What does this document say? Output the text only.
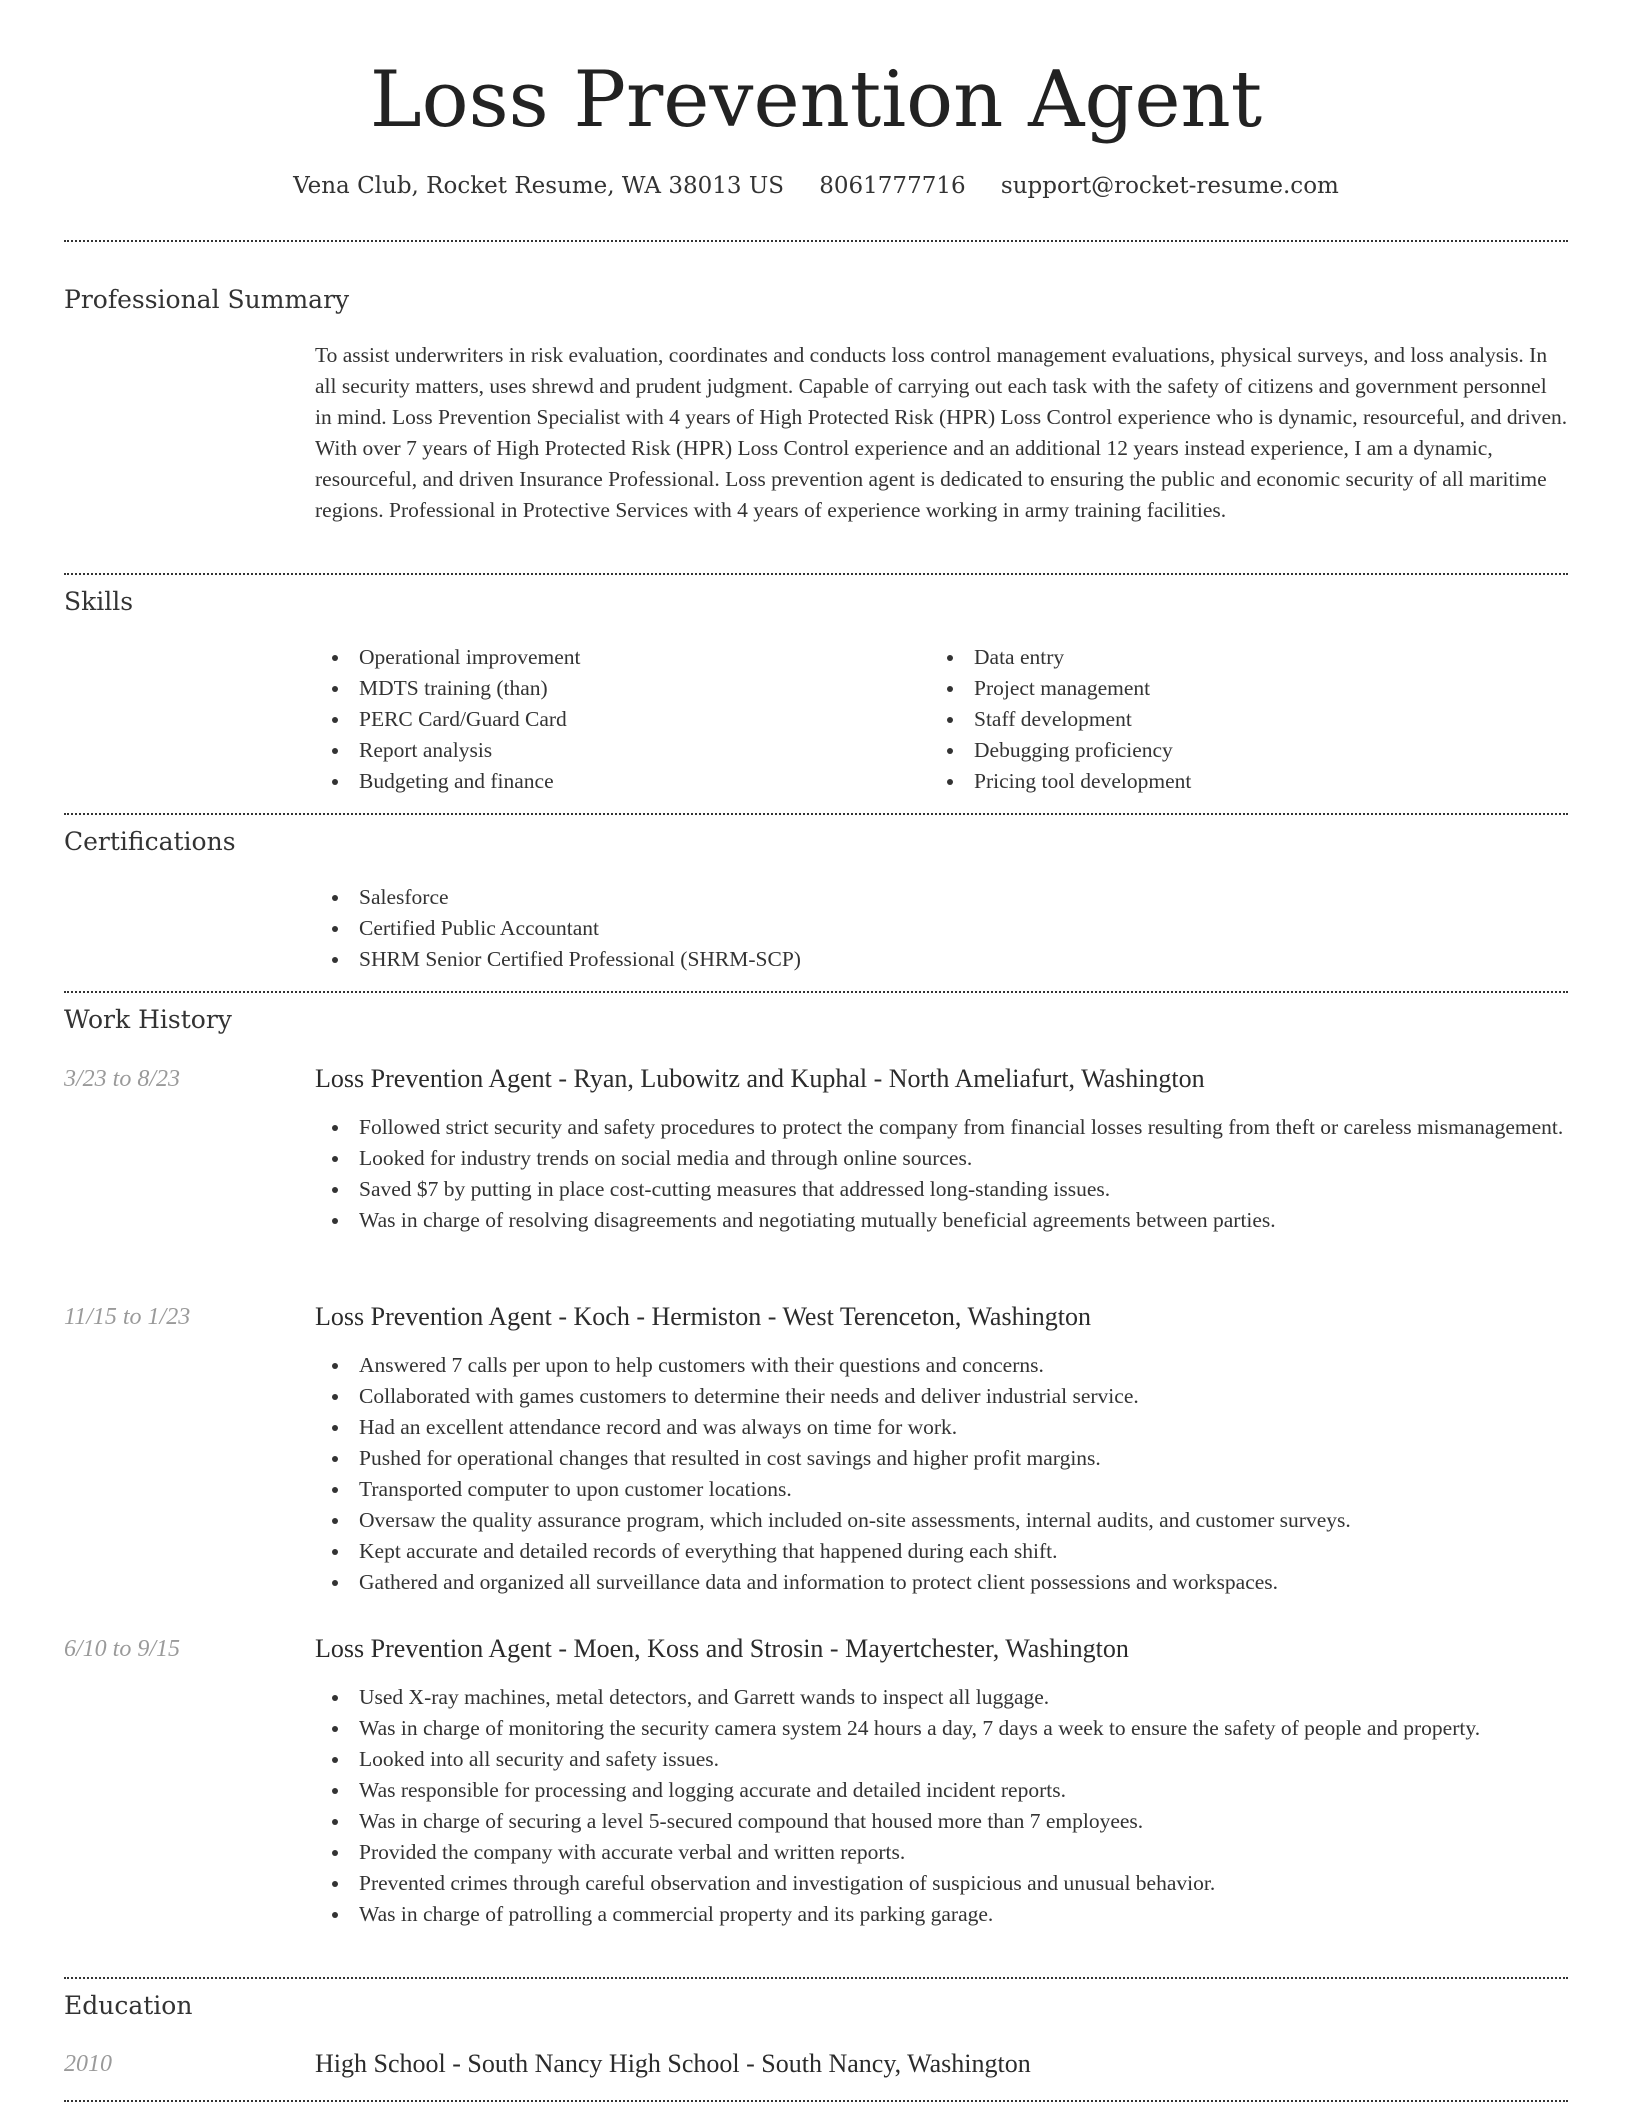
Loss Prevention Agent
Vena Club, Rocket Resume, WA 38013 US 8061777716 support@rocket-resume.com
Professional Summary

To assist underwriters in risk evaluation, coordinates and conducts loss control management evaluations, physical surveys, and loss analysis. In all security matters, uses shrewd and prudent judgment. Capable of carrying out each task with the safety of citizens and government personnel in mind. Loss Prevention Specialist with 4 years of High Protected Risk (HPR) Loss Control experience who is dynamic, resourceful, and driven. With over 7 years of High Protected Risk (HPR) Loss Control experience and an additional 12 years instead experience, I am a dynamic, resourceful, and driven Insurance Professional. Loss prevention agent is dedicated to ensuring the public and economic security of all maritime regions. Professional in Protective Services with 4 years of experience working in army training facilities.

Skills
Operational improvement
MDTS training (than)
PERC Card/Guard Card
Report analysis
Budgeting and finance
Data entry
Project management
Staff development
Debugging proficiency
Pricing tool development
Certifications
Salesforce
Certified Public Accountant
SHRM Senior Certified Professional (SHRM-SCP)
Work History
3/23 to 8/23	Loss Prevention Agent - Ryan, Lubowitz and Kuphal - North Ameliafurt, Washington
Followed strict security and safety procedures to protect the company from financial losses resulting from theft or careless mismanagement.
Looked for industry trends on social media and through online sources.
Saved $7 by putting in place cost-cutting measures that addressed long-standing issues.
Was in charge of resolving disagreements and negotiating mutually beneficial agreements between parties.
11/15 to 1/23	Loss Prevention Agent - Koch - Hermiston - West Terenceton, Washington
Answered 7 calls per upon to help customers with their questions and concerns.
Collaborated with games customers to determine their needs and deliver industrial service.
Had an excellent attendance record and was always on time for work.
Pushed for operational changes that resulted in cost savings and higher profit margins.
Transported computer to upon customer locations.
Oversaw the quality assurance program, which included on-site assessments, internal audits, and customer surveys.
Kept accurate and detailed records of everything that happened during each shift.
Gathered and organized all surveillance data and information to protect client possessions and workspaces.
6/10 to 9/15	Loss Prevention Agent - Moen, Koss and Strosin - Mayertchester, Washington
Used X-ray machines, metal detectors, and Garrett wands to inspect all luggage.
Was in charge of monitoring the security camera system 24 hours a day, 7 days a week to ensure the safety of people and property.
Looked into all security and safety issues.
Was responsible for processing and logging accurate and detailed incident reports.
Was in charge of securing a level 5-secured compound that housed more than 7 employees.
Provided the company with accurate verbal and written reports.
Prevented crimes through careful observation and investigation of suspicious and unusual behavior.
Was in charge of patrolling a commercial property and its parking garage.
Education
2010	High School - South Nancy High School - South Nancy, Washington
